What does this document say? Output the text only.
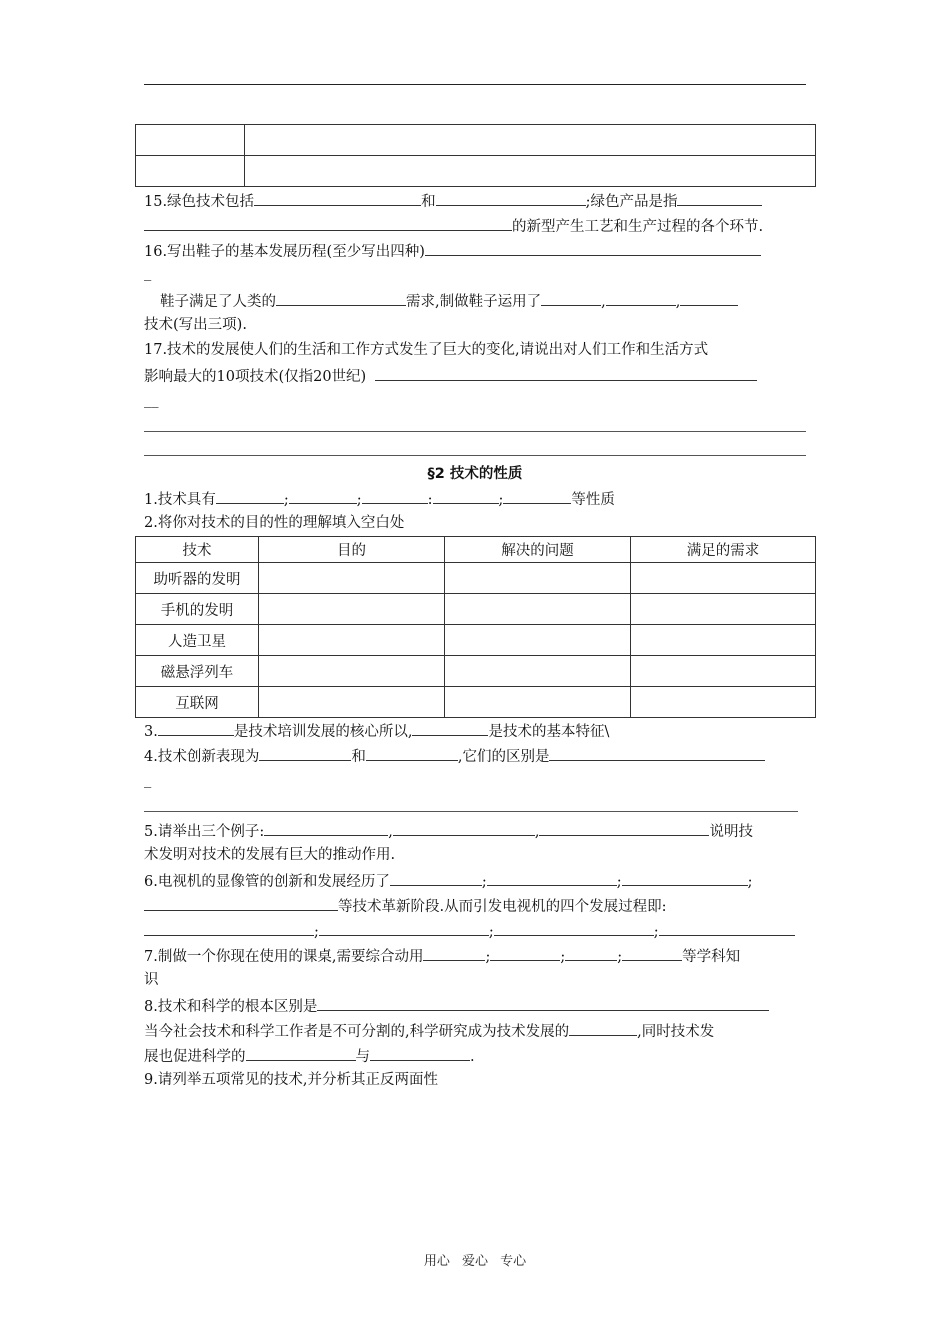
15.绿色技术包括	和	;绿色产品是指
的新型产生工艺和生产过程的各个环节.
16.写出鞋子的基本发展历程(至少写出四种)
_
鞋子满足了人类的	需求,制做鞋子运用了	,	,
技术(写出三项).
17.技术的发展使人们的生活和工作方式发生了巨大的变化,请说出对人们工作和生活方式
影响最大的10项技术(仅指20世纪)
__
§2 技术的性质
1.技术具有	;	;	:	;	等性质
2.将你对技术的目的性的理解填入空白处
技术	目的	解决的问题	满足的需求
助听器的发明			
手机的发明			
人造卫星			
磁悬浮列车			
互联网			
3.	是技术培训发展的核心所以,	是技术的基本特征\
4.技术创新表现为	和	,它们的区别是
_
5.请举出三个例子:	,	,	说明技
术发明对技术的发展有巨大的推动作用.
6.电视机的显像管的创新和发展经历了	;	;	;
等技术革新阶段.从而引发电视机的四个发展过程即:
;	;	;
7.制做一个你现在使用的课桌,需要综合动用	;	;	;	等学科知
识
8.技术和科学的根本区别是
当今社会技术和科学工作者是不可分割的,科学研究成为技术发展的	,同时技术发
展也促进科学的	与	.
9.请列举五项常见的技术,并分析其正反两面性
用心 爱心 专心
